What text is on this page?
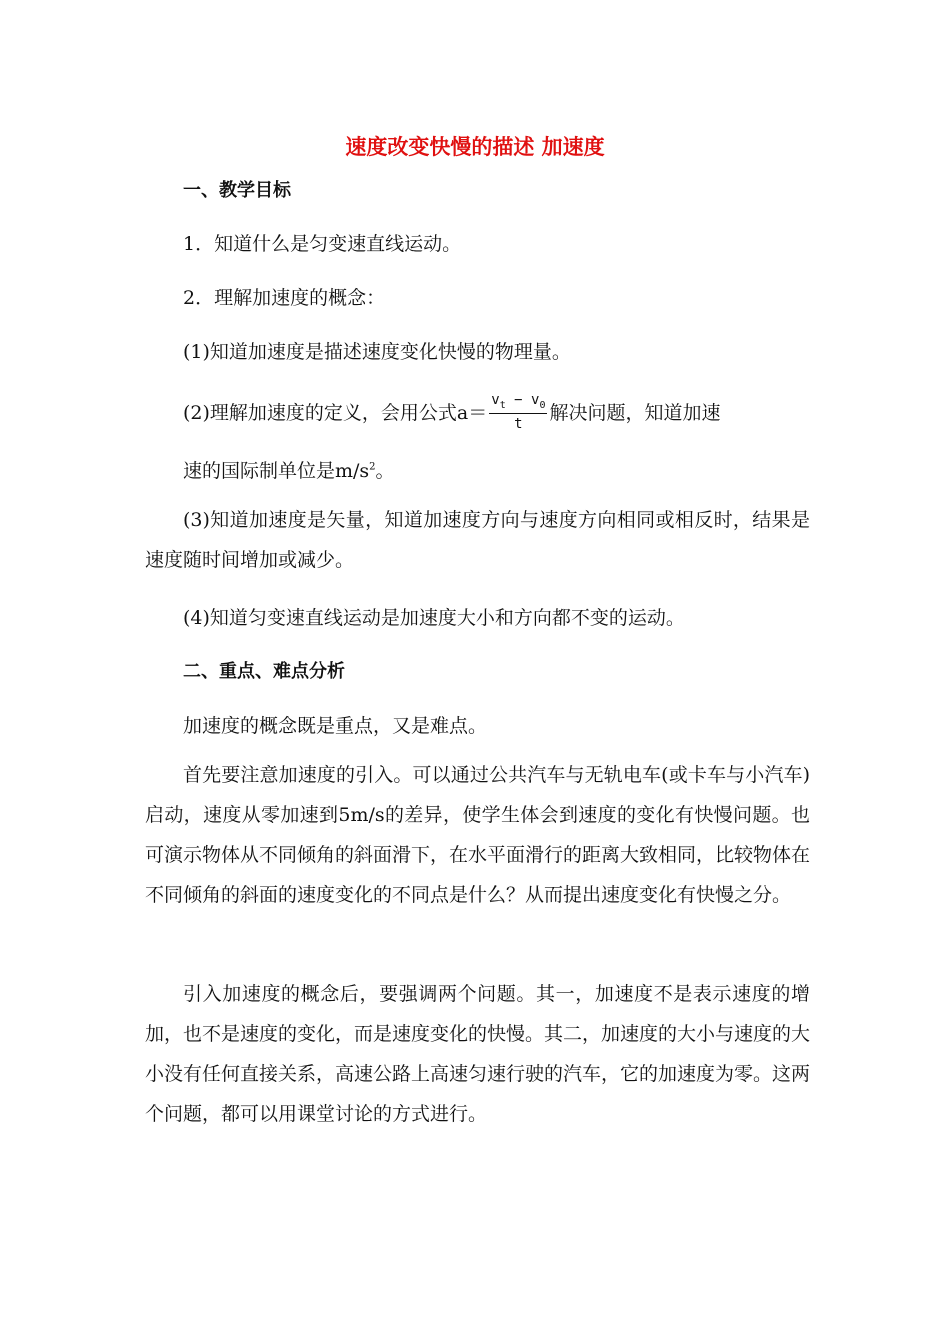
速度改变快慢的描述 加速度
一、教学目标
1．知道什么是匀变速直线运动。
2．理解加速度的概念：
(1)知道加速度是描述速度变化快慢的物理量。
(2)理解加速度的定义，会用公式$a= \frac{v_t - v_0}{t}$ 解决问题，知道加速
速的国际制单位是$m/s^2$。
(3)知道加速度是矢量，知道加速度方向与速度方向相同或相反时，结果是速度随时间增加或减少。
(4)知道匀变速直线运动是加速度大小和方向都不变的运动。
二、重点、难点分析
加速度的概念既是重点，又是难点。
首先要注意加速度的引入。可以通过公共汽车与无轨电车(或卡车与小汽车)启动，速度从零加速到5m/s的差异，使学生体会到速度的变化有快慢问题。也可演示物体从不同倾角的斜面滑下，在水平面滑行的距离大致相同，比较物体在不同倾角的斜面的速度变化的不同点是什么？从而提出速度变化有快慢之分。
引入加速度的概念后，要强调两个问题。其一，加速度不是表示速度的增加，也不是速度的变化，而是速度变化的快慢。其二，加速度的大小与速度的大小没有任何直接关系，高速公路上高速匀速行驶的汽车，它的加速度为零。这两个问题，都可以用课堂讨论的方式进行。
